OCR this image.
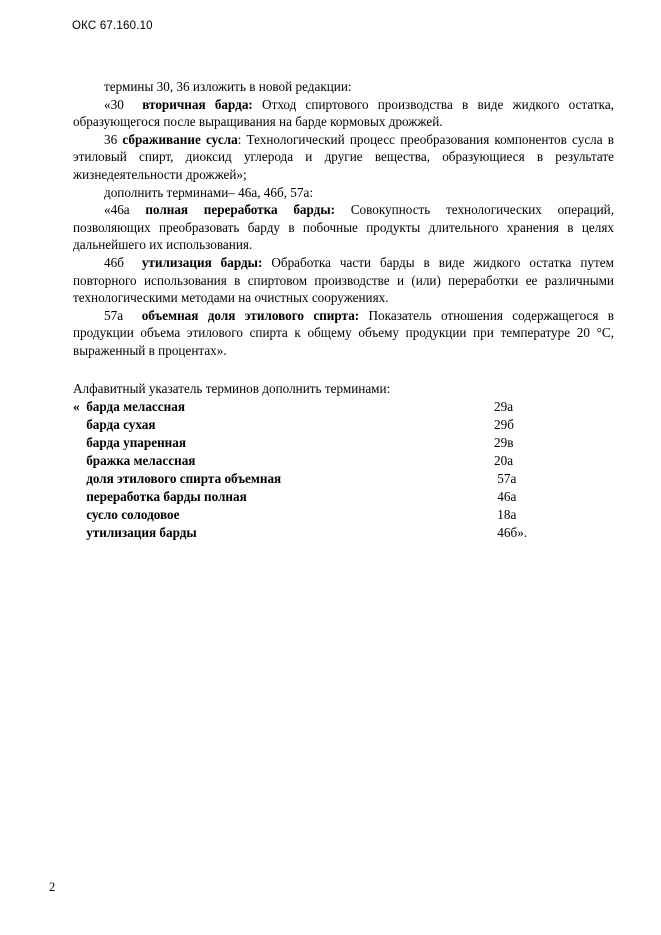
ОКС 67.160.10

термины 30, 36 изложить в новой редакции:

«30  вторичная барда: Отход спиртового производства в виде жидкого остатка, образующегося после выращивания на барде кормовых дрожжей.

36 сбраживание сусла: Технологический процесс преобразования компонентов сусла в этиловый спирт, диоксид углерода и другие вещества, образующиеся в результате жизнедеятельности дрожжей»;

дополнить терминами– 46а, 46б, 57а:

«46а полная переработка барды: Совокупность технологических операций, позволяющих преобразовать барду в побочные продукты длительного хранения в целях дальнейшего их использования.

46б  утилизация барды: Обработка части барды в виде жидкого остатка путем повторного использования в спиртовом производстве и (или) переработки ее различными технологическими методами на очистных сооружениях.

57а  объемная доля этилового спирта: Показатель отношения содержащегося в продукции объема этилового спирта к общему объему продукции при температуре 20 °С, выраженный в процентах».

Алфавитный указатель терминов дополнить терминами:

«  барда мелассная	29а
барда сухая	29б
барда упаренная	29в
бражка мелассная	20а
доля этилового спирта объемная	57а
переработка барды полная	46а
сусло солодовое	18а
утилизация барды	46б».
2
